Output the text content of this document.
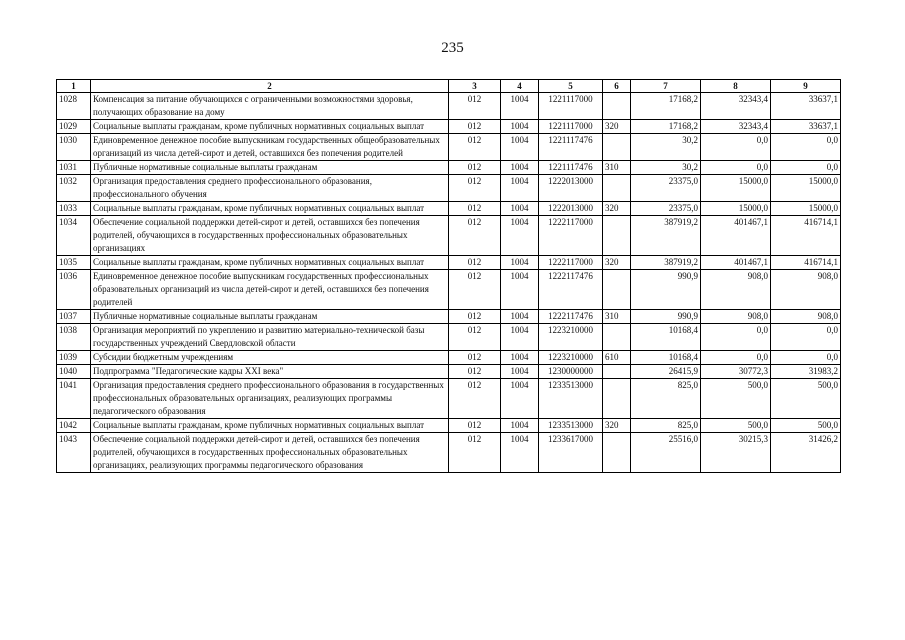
235
1	2	3	4	5	6	7	8	9
1028	Компенсация за питание обучающихся с ограниченными возможностями здоровья, получающих образование на дому	012	1004	1221117000		17168,2	32343,4	33637,1
1029	Социальные выплаты гражданам, кроме публичных нормативных социальных выплат	012	1004	1221117000	320	17168,2	32343,4	33637,1
1030	Единовременное денежное пособие выпускникам государственных общеобразовательных организаций из числа детей-сирот и детей, оставшихся без попечения родителей	012	1004	1221117476		30,2	0,0	0,0
1031	Публичные нормативные социальные выплаты гражданам	012	1004	1221117476	310	30,2	0,0	0,0
1032	Организация предоставления среднего профессионального образования, профессионального обучения	012	1004	1222013000		23375,0	15000,0	15000,0
1033	Социальные выплаты гражданам, кроме публичных нормативных социальных выплат	012	1004	1222013000	320	23375,0	15000,0	15000,0
1034	Обеспечение социальной поддержки детей-сирот и детей, оставшихся без попечения родителей, обучающихся в государственных профессиональных образовательных организациях	012	1004	1222117000		387919,2	401467,1	416714,1
1035	Социальные выплаты гражданам, кроме публичных нормативных социальных выплат	012	1004	1222117000	320	387919,2	401467,1	416714,1
1036	Единовременное денежное пособие выпускникам государственных профессиональных образовательных организаций из числа детей-сирот и детей, оставшихся без попечения родителей	012	1004	1222117476		990,9	908,0	908,0
1037	Публичные нормативные социальные выплаты гражданам	012	1004	1222117476	310	990,9	908,0	908,0
1038	Организация мероприятий по укреплению и развитию материально-технической базы государственных учреждений Свердловской области	012	1004	1223210000		10168,4	0,0	0,0
1039	Субсидии бюджетным учреждениям	012	1004	1223210000	610	10168,4	0,0	0,0
1040	Подпрограмма "Педагогические кадры XXI века"	012	1004	1230000000		26415,9	30772,3	31983,2
1041	Организация предоставления среднего профессионального образования в государственных профессиональных образовательных организациях, реализующих программы педагогического образования	012	1004	1233513000		825,0	500,0	500,0
1042	Социальные выплаты гражданам, кроме публичных нормативных социальных выплат	012	1004	1233513000	320	825,0	500,0	500,0
1043	Обеспечение социальной поддержки детей-сирот и детей, оставшихся без попечения родителей, обучающихся в государственных профессиональных образовательных организациях, реализующих программы педагогического образования	012	1004	1233617000		25516,0	30215,3	31426,2
